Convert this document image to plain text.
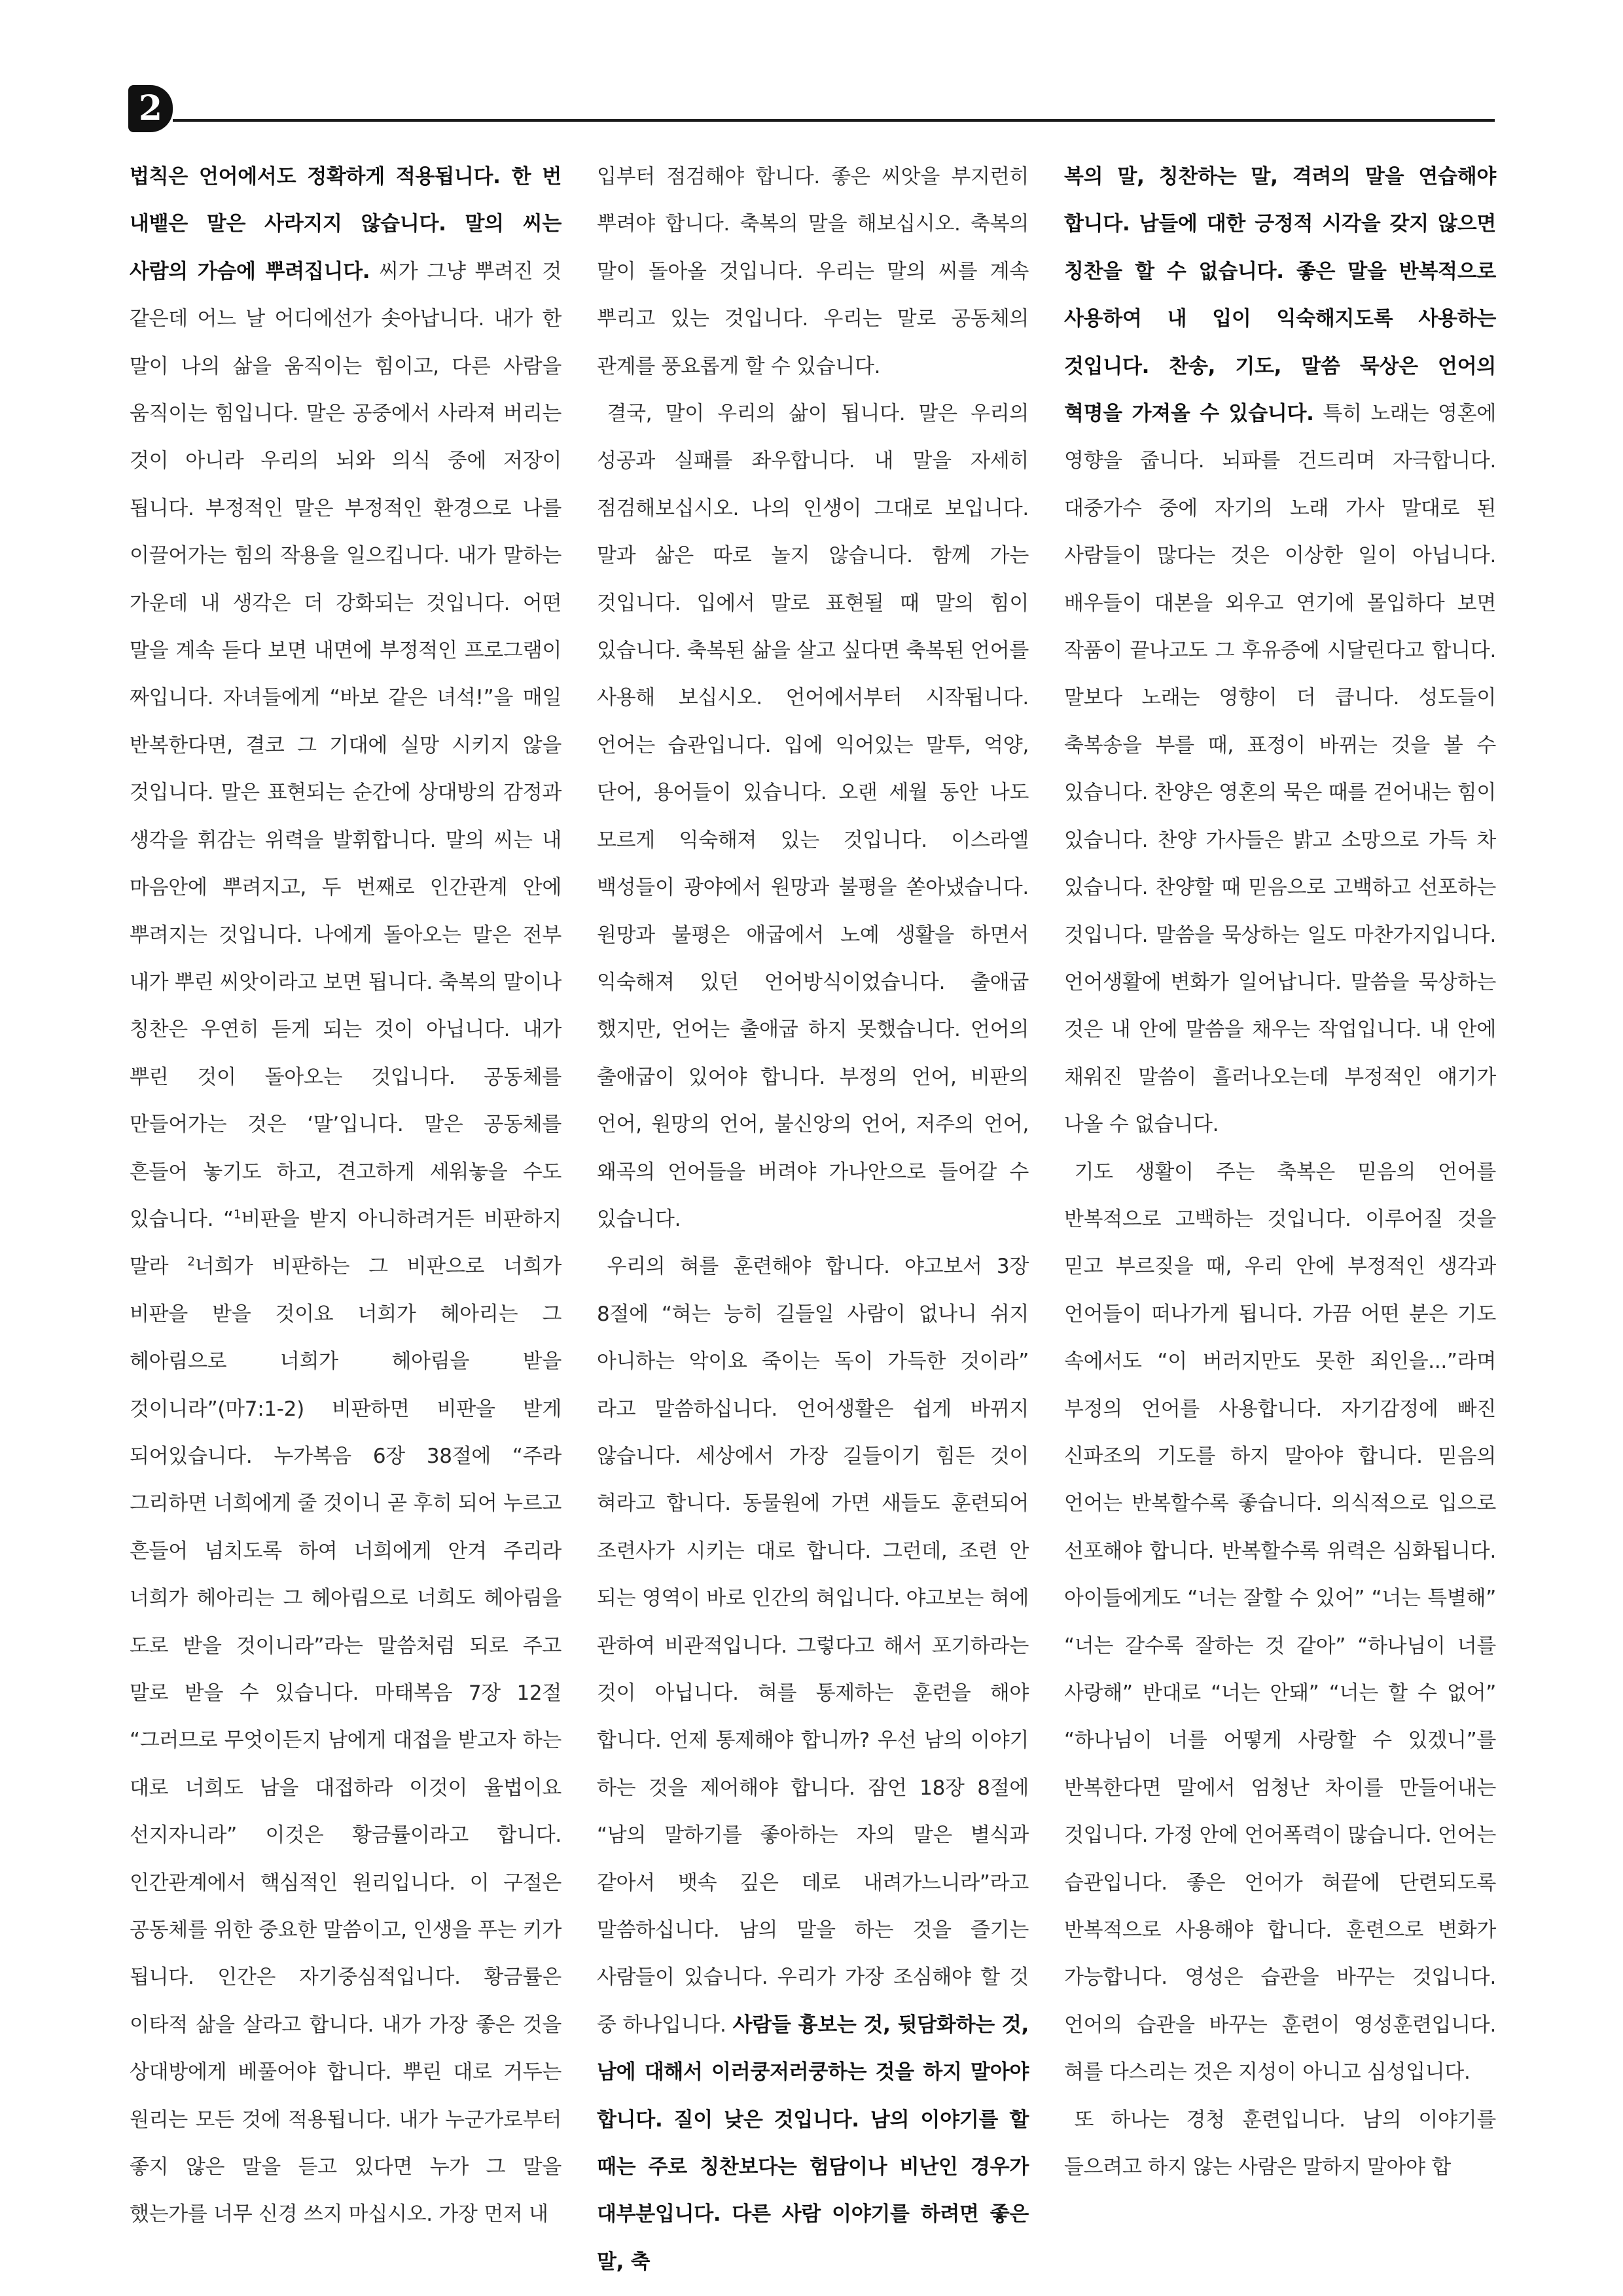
2

법칙은 언어에서도 정확하게 적용됩니다. 한 번 내뱉은 말은 사라지지 않습니다. 말의 씨는 사람의 가슴에 뿌려집니다. 씨가 그냥 뿌려진 것 같은데 어느 날 어디에선가 솟아납니다. 내가 한 말이 나의 삶을 움직이는 힘이고, 다른 사람을 움직이는 힘입니다. 말은 공중에서 사라져 버리는 것이 아니라 우리의 뇌와 의식 중에 저장이 됩니다. 부정적인 말은 부정적인 환경으로 나를 이끌어가는 힘의 작용을 일으킵니다. 내가 말하는 가운데 내 생각은 더 강화되는 것입니다. 어떤 말을 계속 듣다 보면 내면에 부정적인 프로그램이 짜입니다. 자녀들에게 “바보 같은 녀석!”을 매일 반복한다면, 결코 그 기대에 실망 시키지 않을 것입니다. 말은 표현되는 순간에 상대방의 감정과 생각을 휘감는 위력을 발휘합니다. 말의 씨는 내 마음안에 뿌려지고, 두 번째로 인간관계 안에 뿌려지는 것입니다. 나에게 돌아오는 말은 전부 내가 뿌린 씨앗이라고 보면 됩니다. 축복의 말이나 칭찬은 우연히 듣게 되는 것이 아닙니다. 내가 뿌린 것이 돌아오는 것입니다. 공동체를 만들어가는 것은 ‘말’입니다. 말은 공동체를 흔들어 놓기도 하고, 견고하게 세워놓을 수도 있습니다. “$^1$비판을 받지 아니하려거든 비판하지 말라 $^2$너희가 비판하는 그 비판으로 너희가 비판을 받을 것이요 너희가 헤아리는 그 헤아림으로 너희가 헤아림을 받을 것이니라”(마7:1-2) 비판하면 비판을 받게 되어있습니다. 누가복음 6장 38절에 “주라 그리하면 너희에게 줄 것이니 곧 후히 되어 누르고 흔들어 넘치도록 하여 너희에게 안겨 주리라 너희가 헤아리는 그 헤아림으로 너희도 헤아림을 도로 받을 것이니라”라는 말씀처럼 되로 주고 말로 받을 수 있습니다. 마태복음 7장 12절 “그러므로 무엇이든지 남에게 대접을 받고자 하는 대로 너희도 남을 대접하라 이것이 율법이요 선지자니라” 이것은 황금률이라고 합니다. 인간관계에서 핵심적인 원리입니다. 이 구절은 공동체를 위한 중요한 말씀이고, 인생을 푸는 키가 됩니다. 인간은 자기중심적입니다. 황금률은 이타적 삶을 살라고 합니다. 내가 가장 좋은 것을 상대방에게 베풀어야 합니다. 뿌린 대로 거두는 원리는 모든 것에 적용됩니다. 내가 누군가로부터 좋지 않은 말을 듣고 있다면 누가 그 말을 했는가를 너무 신경 쓰지 마십시오. 가장 먼저 내

입부터 점검해야 합니다. 좋은 씨앗을 부지런히 뿌려야 합니다. 축복의 말을 해보십시오. 축복의 말이 돌아올 것입니다. 우리는 말의 씨를 계속 뿌리고 있는 것입니다. 우리는 말로 공동체의 관계를 풍요롭게 할 수 있습니다.

결국, 말이 우리의 삶이 됩니다. 말은 우리의 성공과 실패를 좌우합니다. 내 말을 자세히 점검해보십시오. 나의 인생이 그대로 보입니다. 말과 삶은 따로 놀지 않습니다. 함께 가는 것입니다. 입에서 말로 표현될 때 말의 힘이 있습니다. 축복된 삶을 살고 싶다면 축복된 언어를 사용해 보십시오. 언어에서부터 시작됩니다. 언어는 습관입니다. 입에 익어있는 말투, 억양, 단어, 용어들이 있습니다. 오랜 세월 동안 나도 모르게 익숙해져 있는 것입니다. 이스라엘 백성들이 광야에서 원망과 불평을 쏟아냈습니다. 원망과 불평은 애굽에서 노예 생활을 하면서 익숙해져 있던 언어방식이었습니다. 출애굽 했지만, 언어는 출애굽 하지 못했습니다. 언어의 출애굽이 있어야 합니다. 부정의 언어, 비판의 언어, 원망의 언어, 불신앙의 언어, 저주의 언어, 왜곡의 언어들을 버려야 가나안으로 들어갈 수 있습니다.

우리의 혀를 훈련해야 합니다. 야고보서 3장 8절에 “혀는 능히 길들일 사람이 없나니 쉬지 아니하는 악이요 죽이는 독이 가득한 것이라” 라고 말씀하십니다. 언어생활은 쉽게 바뀌지 않습니다. 세상에서 가장 길들이기 힘든 것이 혀라고 합니다. 동물원에 가면 새들도 훈련되어 조련사가 시키는 대로 합니다. 그런데, 조련 안 되는 영역이 바로 인간의 혀입니다. 야고보는 혀에 관하여 비관적입니다. 그렇다고 해서 포기하라는 것이 아닙니다. 혀를 통제하는 훈련을 해야 합니다. 언제 통제해야 합니까? 우선 남의 이야기 하는 것을 제어해야 합니다. 잠언 18장 8절에 “남의 말하기를 좋아하는 자의 말은 별식과 같아서 뱃속 깊은 데로 내려가느니라”라고 말씀하십니다. 남의 말을 하는 것을 즐기는 사람들이 있습니다. 우리가 가장 조심해야 할 것 중 하나입니다. 사람들 흉보는 것, 뒷담화하는 것, 남에 대해서 이러쿵저러쿵하는 것을 하지 말아야 합니다. 질이 낮은 것입니다. 남의 이야기를 할 때는 주로 칭찬보다는 험담이나 비난인 경우가 대부분입니다. 다른 사람 이야기를 하려면 좋은 말, 축

복의 말, 칭찬하는 말, 격려의 말을 연습해야 합니다. 남들에 대한 긍정적 시각을 갖지 않으면 칭찬을 할 수 없습니다. 좋은 말을 반복적으로 사용하여 내 입이 익숙해지도록 사용하는 것입니다. 찬송, 기도, 말씀 묵상은 언어의 혁명을 가져올 수 있습니다. 특히 노래는 영혼에 영향을 줍니다. 뇌파를 건드리며 자극합니다. 대중가수 중에 자기의 노래 가사 말대로 된 사람들이 많다는 것은 이상한 일이 아닙니다. 배우들이 대본을 외우고 연기에 몰입하다 보면 작품이 끝나고도 그 후유증에 시달린다고 합니다. 말보다 노래는 영향이 더 큽니다. 성도들이 축복송을 부를 때, 표정이 바뀌는 것을 볼 수 있습니다. 찬양은 영혼의 묵은 때를 걷어내는 힘이 있습니다. 찬양 가사들은 밝고 소망으로 가득 차 있습니다. 찬양할 때 믿음으로 고백하고 선포하는 것입니다. 말씀을 묵상하는 일도 마찬가지입니다. 언어생활에 변화가 일어납니다. 말씀을 묵상하는 것은 내 안에 말씀을 채우는 작업입니다. 내 안에 채워진 말씀이 흘러나오는데 부정적인 얘기가 나올 수 없습니다.

기도 생활이 주는 축복은 믿음의 언어를 반복적으로 고백하는 것입니다. 이루어질 것을 믿고 부르짖을 때, 우리 안에 부정적인 생각과 언어들이 떠나가게 됩니다. 가끔 어떤 분은 기도 속에서도 “이 버러지만도 못한 죄인을...”라며 부정의 언어를 사용합니다. 자기감정에 빠진 신파조의 기도를 하지 말아야 합니다. 믿음의 언어는 반복할수록 좋습니다. 의식적으로 입으로 선포해야 합니다. 반복할수록 위력은 심화됩니다. 아이들에게도 “너는 잘할 수 있어” “너는 특별해” “너는 갈수록 잘하는 것 같아” “하나님이 너를 사랑해” 반대로 “너는 안돼” “너는 할 수 없어” “하나님이 너를 어떻게 사랑할 수 있겠니”를 반복한다면 말에서 엄청난 차이를 만들어내는 것입니다. 가정 안에 언어폭력이 많습니다. 언어는 습관입니다. 좋은 언어가 혀끝에 단련되도록 반복적으로 사용해야 합니다. 훈련으로 변화가 가능합니다. 영성은 습관을 바꾸는 것입니다. 언어의 습관을 바꾸는 훈련이 영성훈련입니다. 혀를 다스리는 것은 지성이 아니고 심성입니다.

또 하나는 경청 훈련입니다. 남의 이야기를 들으려고 하지 않는 사람은 말하지 말아야 합
